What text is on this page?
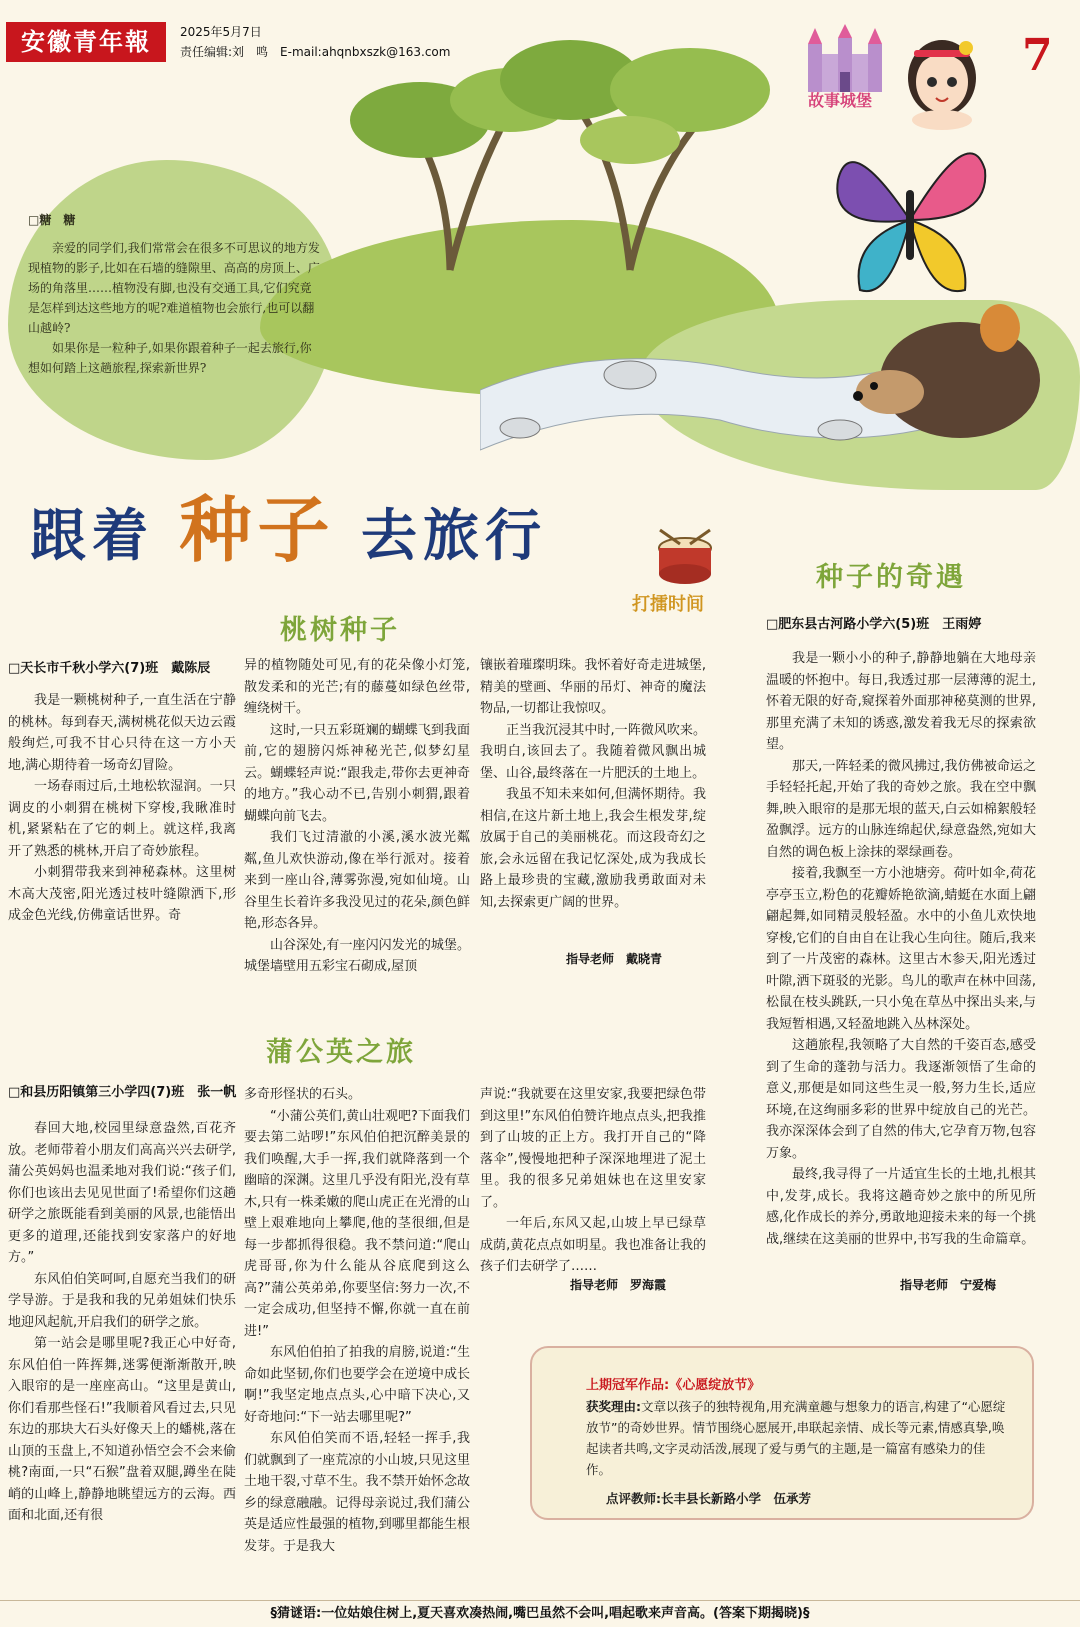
安徽青年報	2025年5月7日
责任编辑:刘　鸣　E-mail:ahqnbxszk@163.com	7
故事城堡

□糖　糖

亲爱的同学们,我们常常会在很多不可思议的地方发现植物的影子,比如在石墙的缝隙里、高高的房顶上、广场的角落里……植物没有脚,也没有交通工具,它们究竟是怎样到达这些地方的呢?难道植物也会旅行,也可以翻山越岭?

如果你是一粒种子,如果你跟着种子一起去旅行,你想如何踏上这趟旅程,探索新世界?

跟着 种子 去旅行
打擂时间
桃树种子
□天长市千秋小学六(7)班　戴陈辰

我是一颗桃树种子,一直生活在宁静的桃林。每到春天,满树桃花似天边云霞般绚烂,可我不甘心只待在这一方小天地,满心期待着一场奇幻冒险。

一场春雨过后,土地松软湿润。一只调皮的小刺猬在桃树下穿梭,我瞅准时机,紧紧粘在了它的刺上。就这样,我离开了熟悉的桃林,开启了奇妙旅程。

小刺猬带我来到神秘森林。这里树木高大茂密,阳光透过枝叶缝隙洒下,形成金色光线,仿佛童话世界。奇

异的植物随处可见,有的花朵像小灯笼,散发柔和的光芒;有的藤蔓如绿色丝带,缠绕树干。

这时,一只五彩斑斓的蝴蝶飞到我面前,它的翅膀闪烁神秘光芒,似梦幻星云。蝴蝶轻声说:“跟我走,带你去更神奇的地方。”我心动不已,告别小刺猬,跟着蝴蝶向前飞去。

我们飞过清澈的小溪,溪水波光粼粼,鱼儿欢快游动,像在举行派对。接着来到一座山谷,薄雾弥漫,宛如仙境。山谷里生长着许多我没见过的花朵,颜色鲜艳,形态各异。

山谷深处,有一座闪闪发光的城堡。城堡墙壁用五彩宝石砌成,屋顶

镶嵌着璀璨明珠。我怀着好奇走进城堡,精美的壁画、华丽的吊灯、神奇的魔法物品,一切都让我惊叹。

正当我沉浸其中时,一阵微风吹来。我明白,该回去了。我随着微风飘出城堡、山谷,最终落在一片肥沃的土地上。

我虽不知未来如何,但满怀期待。我相信,在这片新土地上,我会生根发芽,绽放属于自己的美丽桃花。而这段奇幻之旅,会永远留在我记忆深处,成为我成长路上最珍贵的宝藏,激励我勇敢面对未知,去探索更广阔的世界。

指导老师　戴晓青
种子的奇遇
□肥东县古河路小学六(5)班　王雨婷

我是一颗小小的种子,静静地躺在大地母亲温暖的怀抱中。每日,我透过那一层薄薄的泥土,怀着无限的好奇,窥探着外面那神秘莫测的世界,那里充满了未知的诱惑,激发着我无尽的探索欲望。

那天,一阵轻柔的微风拂过,我仿佛被命运之手轻轻托起,开始了我的奇妙之旅。我在空中飘舞,映入眼帘的是那无垠的蓝天,白云如棉絮般轻盈飘浮。远方的山脉连绵起伏,绿意盎然,宛如大自然的调色板上涂抹的翠绿画卷。

接着,我飘至一方小池塘旁。荷叶如伞,荷花亭亭玉立,粉色的花瓣娇艳欲滴,蜻蜓在水面上翩翩起舞,如同精灵般轻盈。水中的小鱼儿欢快地穿梭,它们的自由自在让我心生向往。随后,我来到了一片茂密的森林。这里古木参天,阳光透过叶隙,洒下斑驳的光影。鸟儿的歌声在林中回荡,松鼠在枝头跳跃,一只小兔在草丛中探出头来,与我短暂相遇,又轻盈地跳入丛林深处。

这趟旅程,我领略了大自然的千姿百态,感受到了生命的蓬勃与活力。我逐渐领悟了生命的意义,那便是如同这些生灵一般,努力生长,适应环境,在这绚丽多彩的世界中绽放自己的光芒。我亦深深体会到了自然的伟大,它孕育万物,包容万象。

最终,我寻得了一片适宜生长的土地,扎根其中,发芽,成长。我将这趟奇妙之旅中的所见所感,化作成长的养分,勇敢地迎接未来的每一个挑战,继续在这美丽的世界中,书写我的生命篇章。

指导老师　宁爱梅
蒲公英之旅
□和县历阳镇第三小学四(7)班　张一帆

春回大地,校园里绿意盎然,百花齐放。老师带着小朋友们高高兴兴去研学,蒲公英妈妈也温柔地对我们说:“孩子们,你们也该出去见见世面了!希望你们这趟研学之旅既能看到美丽的风景,也能悟出更多的道理,还能找到安家落户的好地方。”

东风伯伯笑呵呵,自愿充当我们的研学导游。于是我和我的兄弟姐妹们快乐地迎风起航,开启我们的研学之旅。

第一站会是哪里呢?我正心中好奇,东风伯伯一阵挥舞,迷雾便渐渐散开,映入眼帘的是一座座高山。“这里是黄山,你们看那些怪石!”我顺着风看过去,只见东边的那块大石头好像天上的蟠桃,落在山顶的玉盘上,不知道孙悟空会不会来偷桃?南面,一只“石猴”盘着双腿,蹲坐在陡峭的山峰上,静静地眺望远方的云海。西面和北面,还有很

多奇形怪状的石头。

“小蒲公英们,黄山壮观吧?下面我们要去第二站啰!”东风伯伯把沉醉美景的我们唤醒,大手一挥,我们就降落到一个幽暗的深渊。这里几乎没有阳光,没有草木,只有一株柔嫩的爬山虎正在光滑的山壁上艰难地向上攀爬,他的茎很细,但是每一步都抓得很稳。我不禁问道:“爬山虎哥哥,你为什么能从谷底爬到这么高?”蒲公英弟弟,你要坚信:努力一次,不一定会成功,但坚持不懈,你就一直在前进!”

东风伯伯拍了拍我的肩膀,说道:“生命如此坚韧,你们也要学会在逆境中成长啊!”我坚定地点点头,心中暗下决心,又好奇地问:“下一站去哪里呢?”

东风伯伯笑而不语,轻轻一挥手,我们就飘到了一座荒凉的小山坡,只见这里土地干裂,寸草不生。我不禁开始怀念故乡的绿意融融。记得母亲说过,我们蒲公英是适应性最强的植物,到哪里都能生根发芽。于是我大

声说:“我就要在这里安家,我要把绿色带到这里!”东风伯伯赞许地点点头,把我推到了山坡的正上方。我打开自己的“降落伞”,慢慢地把种子深深地埋进了泥土里。我的很多兄弟姐妹也在这里安家了。

一年后,东风又起,山坡上早已绿草成荫,黄花点点如明星。我也准备让我的孩子们去研学了……

指导老师　罗海霞
上期冠军作品:《心愿绽放节》
获奖理由:文章以孩子的独特视角,用充满童趣与想象力的语言,构建了“心愿绽放节”的奇妙世界。情节围绕心愿展开,串联起亲情、成长等元素,情感真挚,唤起读者共鸣,文字灵动活泼,展现了爱与勇气的主题,是一篇富有感染力的佳作。
点评教师:长丰县长新路小学　伍承芳
§猜谜语:一位姑娘住树上,夏天喜欢凑热闹,嘴巴虽然不会叫,唱起歌来声音高。(答案下期揭晓)§
